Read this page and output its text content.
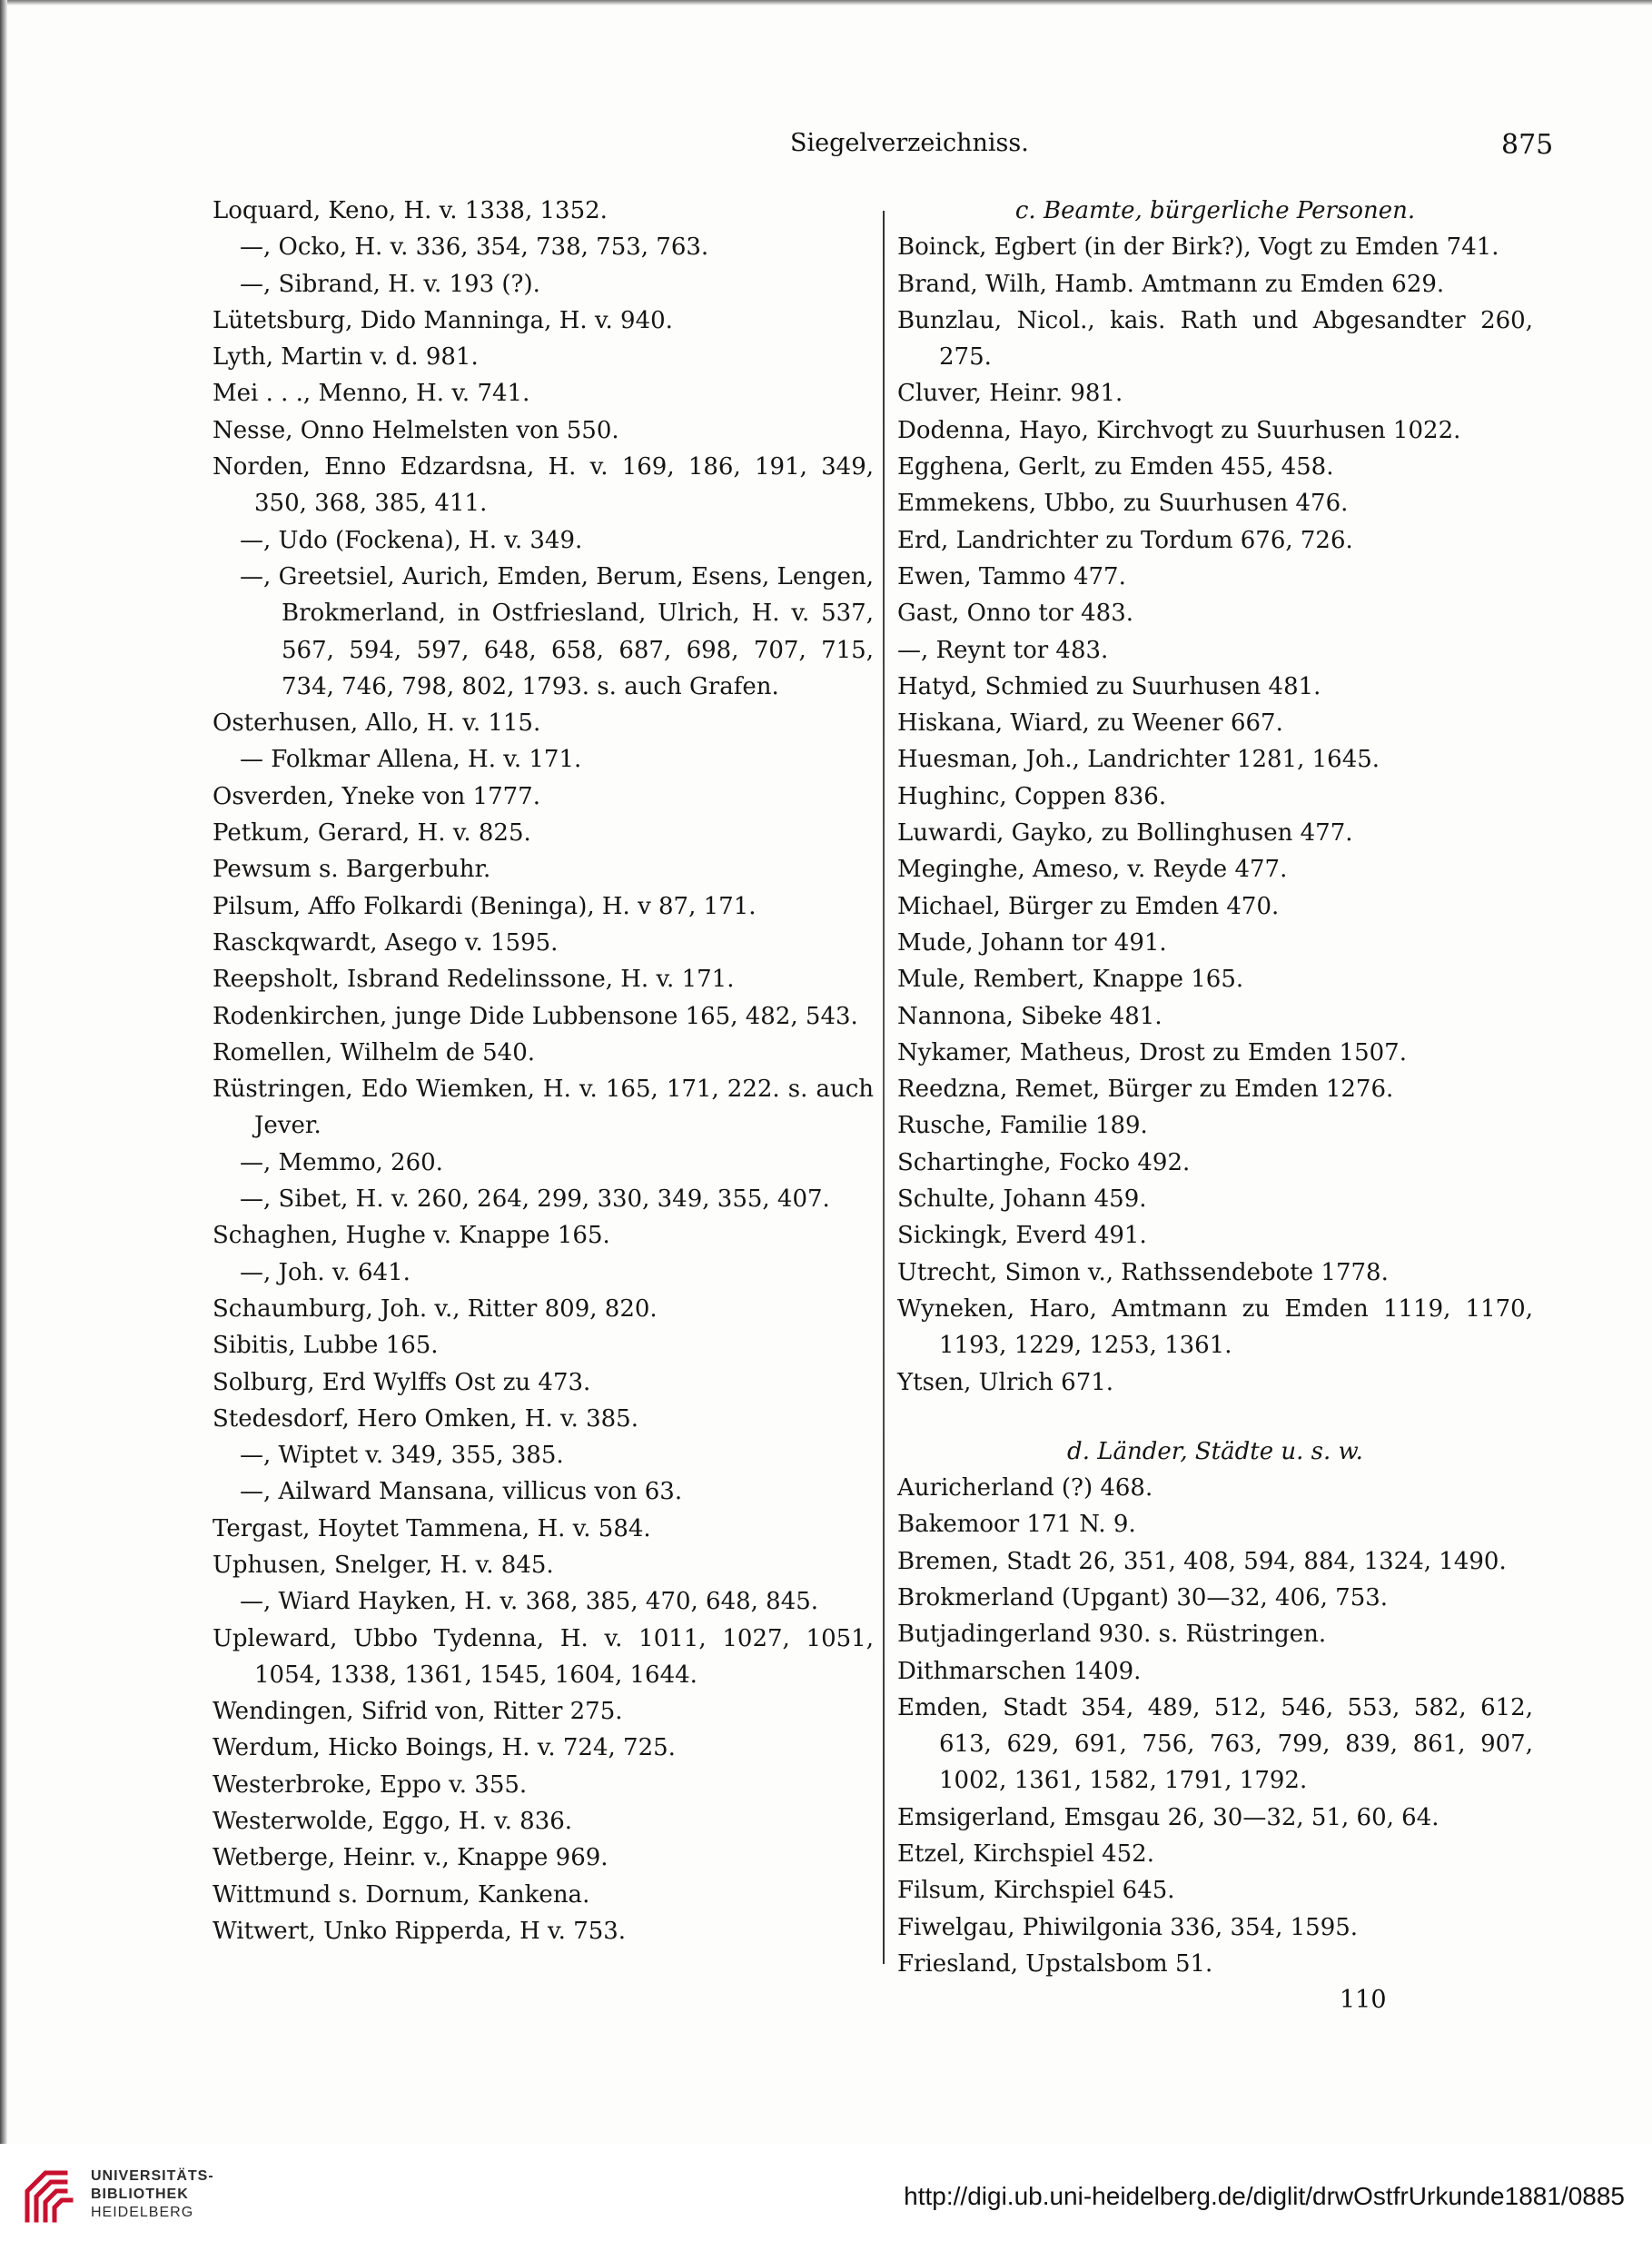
Siegelverzeichniss.	875

Loquard, Keno, H. v. 1338, 1352.

—, Ocko, H. v. 336, 354, 738, 753, 763.

—, Sibrand, H. v. 193 (?).

Lütetsburg, Dido Manninga, H. v. 940.

Lyth, Martin v. d. 981.

Mei . . ., Menno, H. v. 741.

Nesse, Onno Helmelsten von 550.

Norden, Enno Edzardsna, H. v. 169, 186, 191, 349, 350, 368, 385, 411.

—, Udo (Fockena), H. v. 349.

—, Greetsiel, Aurich, Emden, Berum, Esens, Lengen, Brokmerland, in Ostfriesland, Ulrich, H. v. 537, 567, 594, 597, 648, 658, 687, 698, 707, 715, 734, 746, 798, 802, 1793. s. auch Grafen.

Osterhusen, Allo, H. v. 115.

— Folkmar Allena, H. v. 171.

Osverden, Yneke von 1777.

Petkum, Gerard, H. v. 825.

Pewsum s. Bargerbuhr.

Pilsum, Affo Folkardi (Beninga), H. v 87, 171.

Rasckqwardt, Asego v. 1595.

Reepsholt, Isbrand Redelinssone, H. v. 171.

Rodenkirchen, junge Dide Lubbensone 165, 482, 543.

Romellen, Wilhelm de 540.

Rüstringen, Edo Wiemken, H. v. 165, 171, 222. s. auch Jever.

—, Memmo, 260.

—, Sibet, H. v. 260, 264, 299, 330, 349, 355, 407.

Schaghen, Hughe v. Knappe 165.

—, Joh. v. 641.

Schaumburg, Joh. v., Ritter 809, 820.

Sibitis, Lubbe 165.

Solburg, Erd Wylffs Ost zu 473.

Stedesdorf, Hero Omken, H. v. 385.

—, Wiptet v. 349, 355, 385.

—, Ailward Mansana, villicus von 63.

Tergast, Hoytet Tammena, H. v. 584.

Uphusen, Snelger, H. v. 845.

—, Wiard Hayken, H. v. 368, 385, 470, 648, 845.

Upleward, Ubbo Tydenna, H. v. 1011, 1027, 1051, 1054, 1338, 1361, 1545, 1604, 1644.

Wendingen, Sifrid von, Ritter 275.

Werdum, Hicko Boings, H. v. 724, 725.

Westerbroke, Eppo v. 355.

Westerwolde, Eggo, H. v. 836.

Wetberge, Heinr. v., Knappe 969.

Wittmund s. Dornum, Kankena.

Witwert, Unko Ripperda, H v. 753.

c. Beamte, bürgerliche Personen.

Boinck, Egbert (in der Birk?), Vogt zu Emden 741.

Brand, Wilh, Hamb. Amtmann zu Emden 629.

Bunzlau, Nicol., kais. Rath und Abgesandter 260, 275.

Cluver, Heinr. 981.

Dodenna, Hayo, Kirchvogt zu Suurhusen 1022.

Egghena, Gerlt, zu Emden 455, 458.

Emmekens, Ubbo, zu Suurhusen 476.

Erd, Landrichter zu Tordum 676, 726.

Ewen, Tammo 477.

Gast, Onno tor 483.

—, Reynt tor 483.

Hatyd, Schmied zu Suurhusen 481.

Hiskana, Wiard, zu Weener 667.

Huesman, Joh., Landrichter 1281, 1645.

Hughinc, Coppen 836.

Luwardi, Gayko, zu Bollinghusen 477.

Meginghe, Ameso, v. Reyde 477.

Michael, Bürger zu Emden 470.

Mude, Johann tor 491.

Mule, Rembert, Knappe 165.

Nannona, Sibeke 481.

Nykamer, Matheus, Drost zu Emden 1507.

Reedzna, Remet, Bürger zu Emden 1276.

Rusche, Familie 189.

Schartinghe, Focko 492.

Schulte, Johann 459.

Sickingk, Everd 491.

Utrecht, Simon v., Rathssendebote 1778.

Wyneken, Haro, Amtmann zu Emden 1119, 1170, 1193, 1229, 1253, 1361.

Ytsen, Ulrich 671.

d. Länder, Städte u. s. w.

Auricherland (?) 468.

Bakemoor 171 N. 9.

Bremen, Stadt 26, 351, 408, 594, 884, 1324, 1490.

Brokmerland (Upgant) 30—32, 406, 753.

Butjadingerland 930. s. Rüstringen.

Dithmarschen 1409.

Emden, Stadt 354, 489, 512, 546, 553, 582, 612, 613, 629, 691, 756, 763, 799, 839, 861, 907, 1002, 1361, 1582, 1791, 1792.

Emsigerland, Emsgau 26, 30—32, 51, 60, 64.

Etzel, Kirchspiel 452.

Filsum, Kirchspiel 645.

Fiwelgau, Phiwilgonia 336, 354, 1595.

Friesland, Upstalsbom 51.

110
UNIVERSITÄTS-
BIBLIOTHEK
HEIDELBERG
http://digi.ub.uni-heidelberg.de/diglit/drwOstfrUrkunde1881/0885
